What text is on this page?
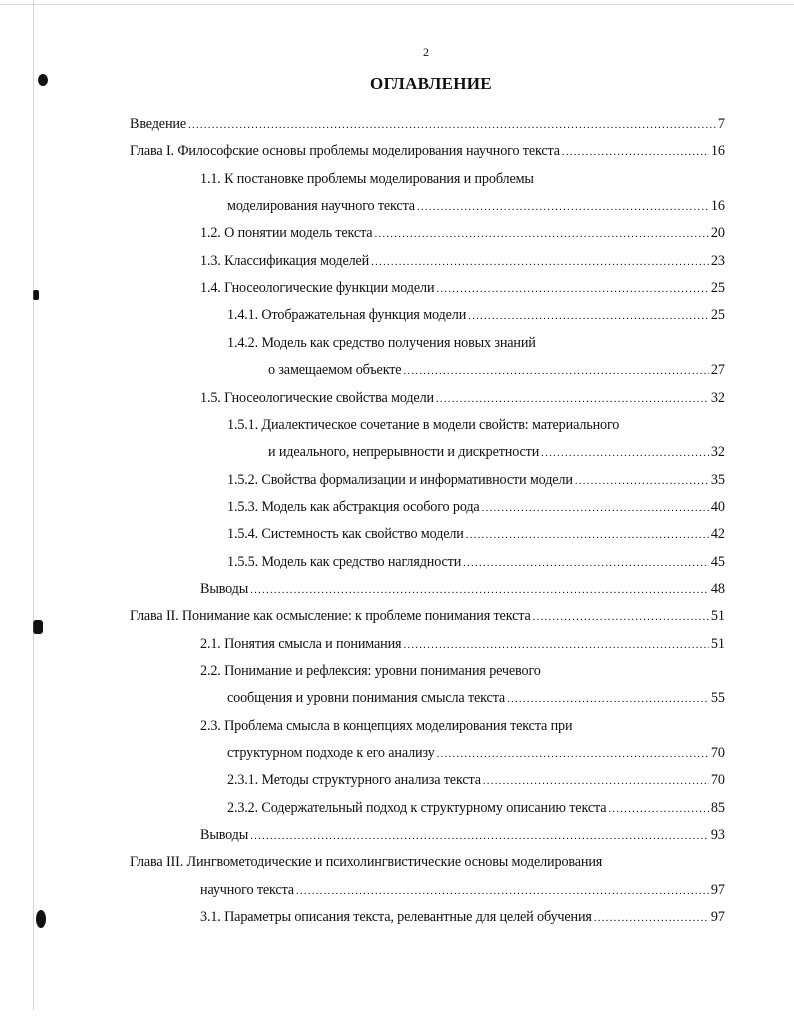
2
ОГЛАВЛЕНИЕ
Введение .....	7
Глава I. Философские основы проблемы моделирования научного текста .....	16
1.1. К постановке проблемы моделирования и проблемы
моделирования научного текста .....	16
1.2. О понятии модель текста .....	20
1.3. Классификация моделей .....	23
1.4. Гносеологические функции модели .....	25
1.4.1. Отображательная функция модели .....	25
1.4.2. Модель как средство получения новых знаний
о замещаемом объекте .....	27
1.5. Гносеологические свойства модели .....	32
1.5.1. Диалектическое сочетание в модели свойств: материального
и идеального, непрерывности и дискретности .....	32
1.5.2. Свойства формализации и информативности модели .....	35
1.5.3. Модель как абстракция особого рода .....	40
1.5.4. Системность как свойство модели .....	42
1.5.5. Модель как средство наглядности .....	45
Выводы .....	48
Глава II. Понимание как осмысление: к проблеме понимания текста .....	51
2.1. Понятия смысла и понимания .....	51
2.2. Понимание и рефлексия: уровни понимания речевого
сообщения и уровни понимания смысла текста .....	55
2.3. Проблема смысла в концепциях моделирования текста при
структурном подходе к его анализу .....	70
2.3.1. Методы структурного анализа текста .....	70
2.3.2. Содержательный подход к структурному описанию текста .....	85
Выводы .....	93
Глава III. Лингвометодические и психолингвистические основы моделирования
научного текста .....	97
3.1. Параметры описания текста, релевантные для целей обучения .....	97
